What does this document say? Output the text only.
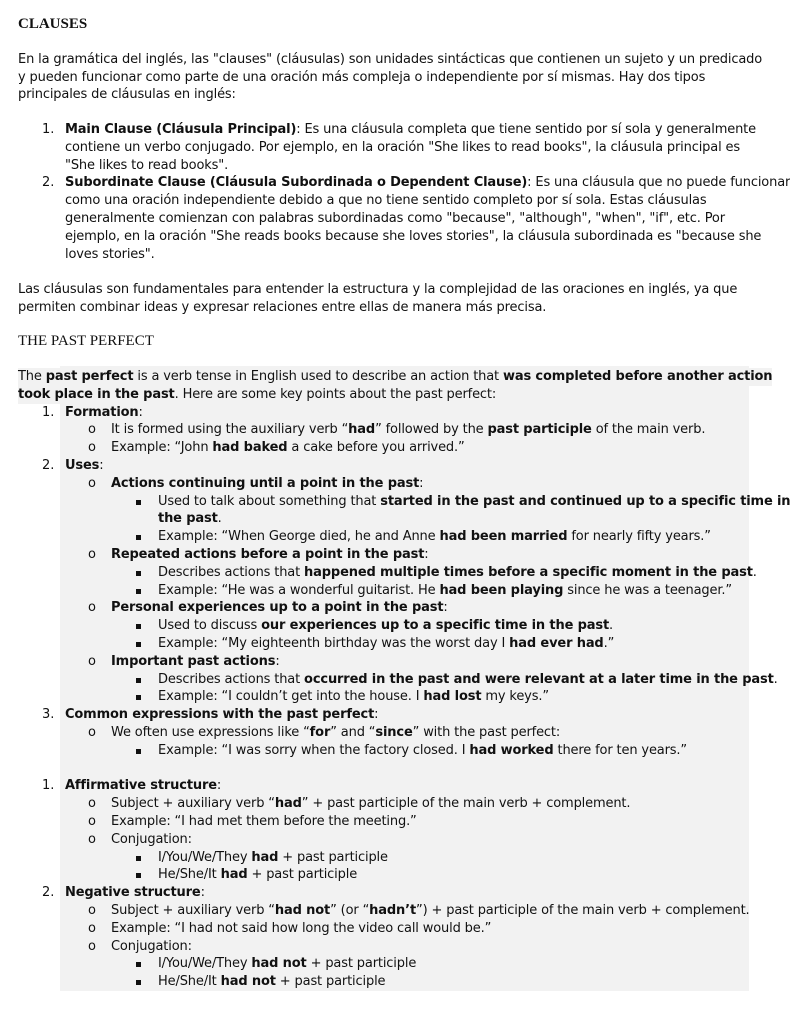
CLAUSES
En la gramática del inglés, las "clauses" (cláusulas) son unidades sintácticas que contienen un sujeto y un predicado
y pueden funcionar como parte de una oración más compleja o independiente por sí mismas. Hay dos tipos
principales de cláusulas en inglés:
1. Main Clause (Cláusula Principal): Es una cláusula completa que tiene sentido por sí sola y generalmente
contiene un verbo conjugado. Por ejemplo, en la oración "She likes to read books", la cláusula principal es
"She likes to read books".
2. Subordinate Clause (Cláusula Subordinada o Dependent Clause): Es una cláusula que no puede funcionar
como una oración independiente debido a que no tiene sentido completo por sí sola. Estas cláusulas
generalmente comienzan con palabras subordinadas como "because", "although", "when", "if", etc. Por
ejemplo, en la oración "She reads books because she loves stories", la cláusula subordinada es "because she
loves stories".
Las cláusulas son fundamentales para entender la estructura y la complejidad de las oraciones en inglés, ya que
permiten combinar ideas y expresar relaciones entre ellas de manera más precisa.
THE PAST PERFECT
The past perfect is a verb tense in English used to describe an action that was completed before another action
took place in the past. Here are some key points about the past perfect:
1. Formation:
o It is formed using the auxiliary verb “had” followed by the past participle of the main verb.
o Example: “John had baked a cake before you arrived.”
2. Uses:
o Actions continuing until a point in the past:
Used to talk about something that started in the past and continued up to a specific time in
the past.
Example: “When George died, he and Anne had been married for nearly fifty years.”
o Repeated actions before a point in the past:
Describes actions that happened multiple times before a specific moment in the past.
Example: “He was a wonderful guitarist. He had been playing since he was a teenager.”
o Personal experiences up to a point in the past:
Used to discuss our experiences up to a specific time in the past.
Example: “My eighteenth birthday was the worst day I had ever had.”
o Important past actions:
Describes actions that occurred in the past and were relevant at a later time in the past.
Example: “I couldn’t get into the house. I had lost my keys.”
3. Common expressions with the past perfect:
o We often use expressions like “for” and “since” with the past perfect:
Example: “I was sorry when the factory closed. I had worked there for ten years.”
1. Affirmative structure:
o Subject + auxiliary verb “had” + past participle of the main verb + complement.
o Example: “I had met them before the meeting.”
o Conjugation:
I/You/We/They had + past participle
He/She/It had + past participle
2. Negative structure:
o Subject + auxiliary verb “had not” (or “hadn’t”) + past participle of the main verb + complement.
o Example: “I had not said how long the video call would be.”
o Conjugation:
I/You/We/They had not + past participle
He/She/It had not + past participle
